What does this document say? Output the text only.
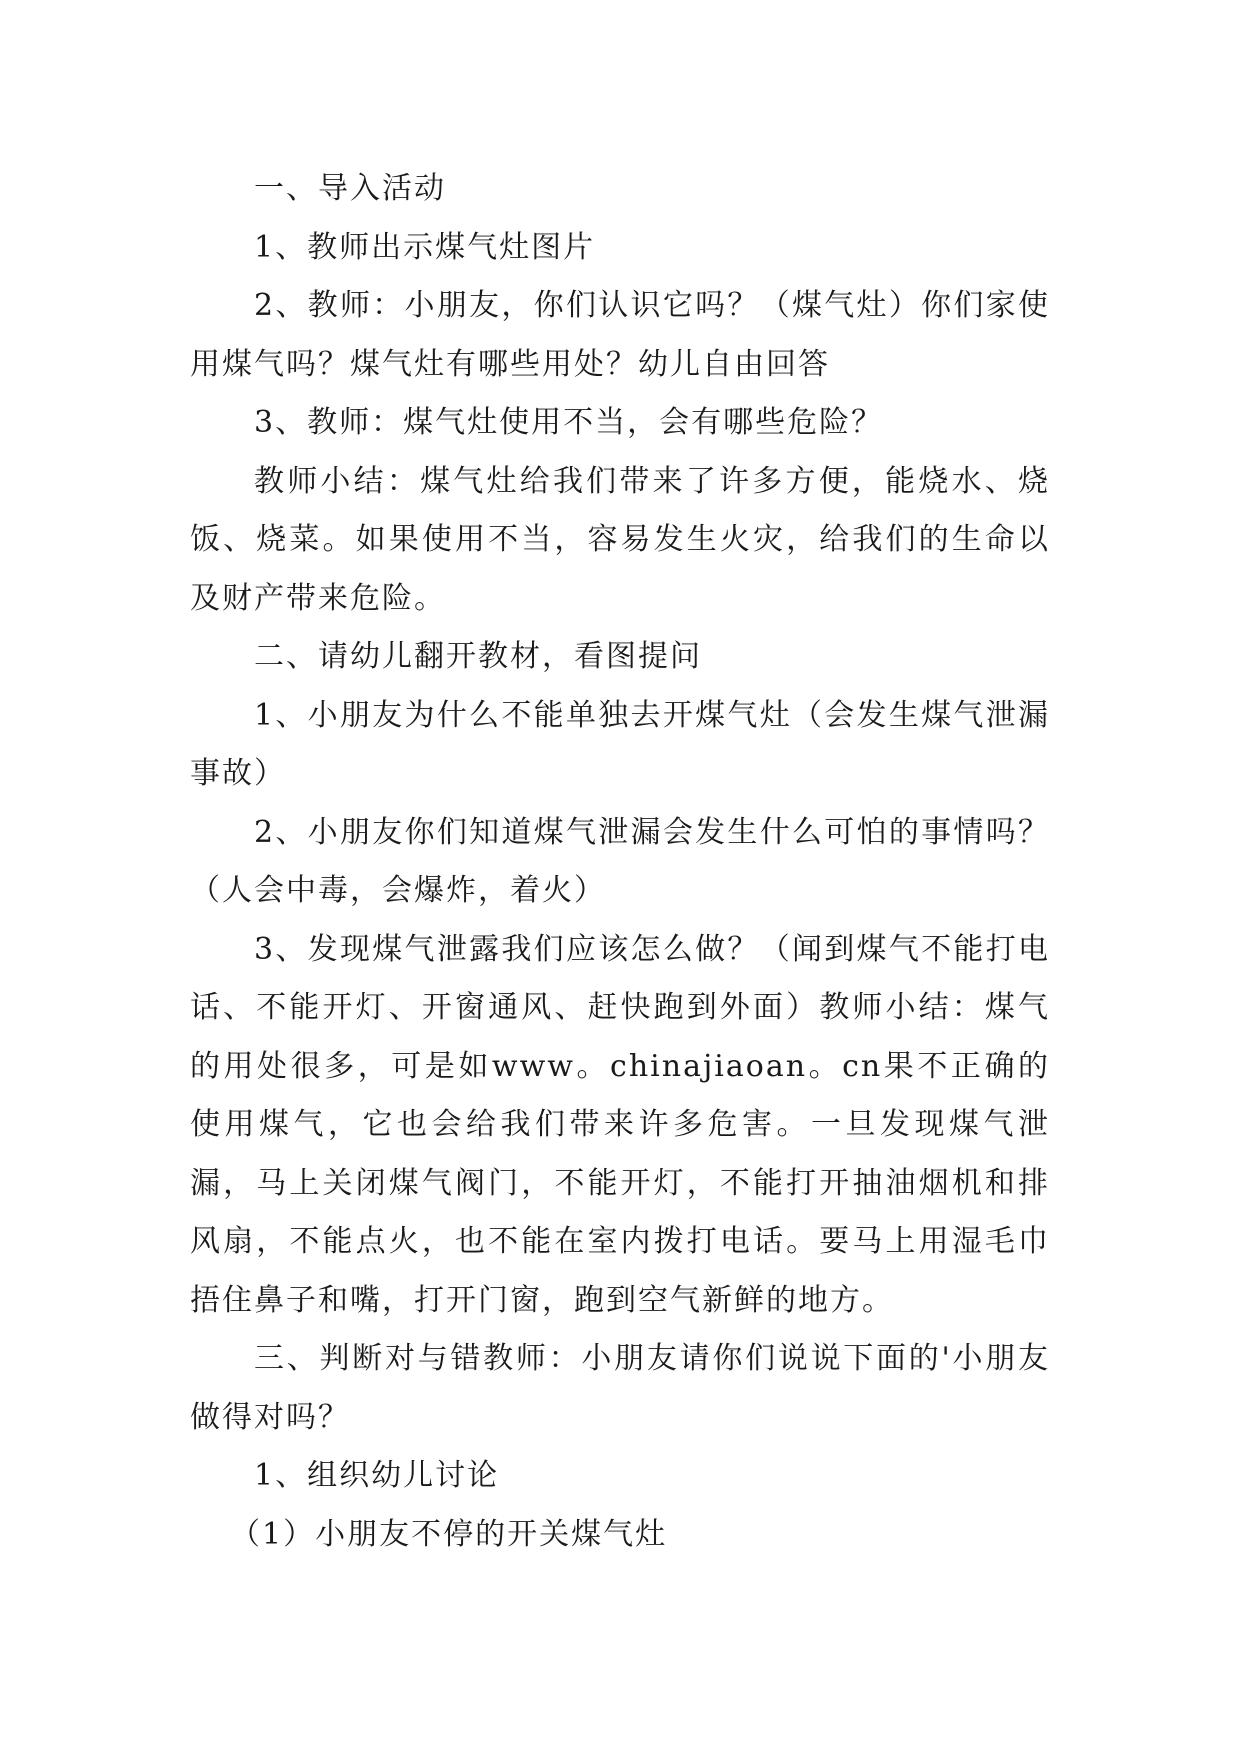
一、导入活动

1、教师出示煤气灶图片

2、教师：小朋友，你们认识它吗？（煤气灶）你们家使用煤气吗？煤气灶有哪些用处？幼儿自由回答

3、教师：煤气灶使用不当，会有哪些危险？

教师小结：煤气灶给我们带来了许多方便，能烧水、烧饭、烧菜。如果使用不当，容易发生火灾，给我们的生命以及财产带来危险。

二、请幼儿翻开教材，看图提问

1、小朋友为什么不能单独去开煤气灶（会发生煤气泄漏事故）

2、小朋友你们知道煤气泄漏会发生什么可怕的事情吗？（人会中毒，会爆炸，着火）

3、发现煤气泄露我们应该怎么做？（闻到煤气不能打电话、不能开灯、开窗通风、赶快跑到外面）教师小结：煤气的用处很多，可是如www。chinajiaoan。cn果不正确的使用煤气，它也会给我们带来许多危害。一旦发现煤气泄漏，马上关闭煤气阀门，不能开灯，不能打开抽油烟机和排风扇，不能点火，也不能在室内拨打电话。要马上用湿毛巾捂住鼻子和嘴，打开门窗，跑到空气新鲜的地方。

三、判断对与错教师：小朋友请你们说说下面的'小朋友做得对吗？

1、组织幼儿讨论

（1）小朋友不停的开关煤气灶
